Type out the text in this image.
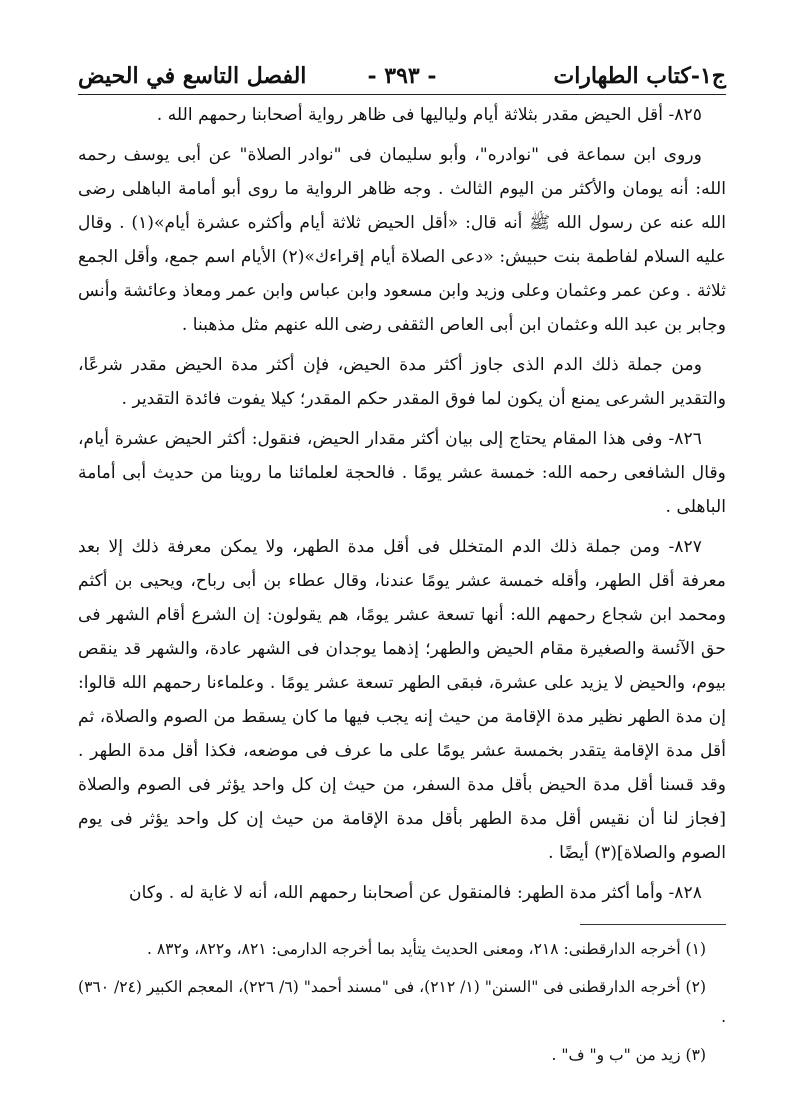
ج١-كتاب الطهارات
- ٣٩٣ -
الفصل التاسع في الحيض

٨٢٥- أقل الحيض مقدر بثلاثة أيام ولياليها فى ظاهر رواية أصحابنا رحمهم الله .

وروى ابن سماعة فى "نوادره"، وأبو سليمان فى "نوادر الصلاة" عن أبى يوسف رحمه الله: أنه يومان والأكثر من اليوم الثالث . وجه ظاهر الرواية ما روى أبو أمامة الباهلى رضى الله عنه عن رسول الله ﷺ أنه قال: «أقل الحيض ثلاثة أيام وأكثره عشرة أيام»(١) . وقال عليه السلام لفاطمة بنت حبيش: «دعى الصلاة أيام إقراءك»(٢) الأيام اسم جمع، وأقل الجمع ثلاثة . وعن عمر وعثمان وعلى وزيد وابن مسعود وابن عباس وابن عمر ومعاذ وعائشة وأنس وجابر بن عبد الله وعثمان ابن أبى العاص الثقفى رضى الله عنهم مثل مذهبنا .

ومن جملة ذلك الدم الذى جاوز أكثر مدة الحيض، فإن أكثر مدة الحيض مقدر شرعًا، والتقدير الشرعى يمنع أن يكون لما فوق المقدر حكم المقدر؛ كيلا يفوت فائدة التقدير .

٨٢٦- وفى هذا المقام يحتاج إلى بيان أكثر مقدار الحيض، فنقول: أكثر الحيض عشرة أيام، وقال الشافعى رحمه الله: خمسة عشر يومًا . فالحجة لعلمائنا ما روينا من حديث أبى أمامة الباهلى .

٨٢٧- ومن جملة ذلك الدم المتخلل فى أقل مدة الطهر، ولا يمكن معرفة ذلك إلا بعد معرفة أقل الطهر، وأقله خمسة عشر يومًا عندنا، وقال عطاء بن أبى رباح، ويحيى بن أكثم ومحمد ابن شجاع رحمهم الله: أنها تسعة عشر يومًا، هم يقولون: إن الشرع أقام الشهر فى حق الآئسة والصغيرة مقام الحيض والطهر؛ إذهما يوجدان فى الشهر عادة، والشهر قد ينقص بيوم، والحيض لا يزيد على عشرة، فبقى الطهر تسعة عشر يومًا . وعلماءنا رحمهم الله قالوا: إن مدة الطهر نظير مدة الإقامة من حيث إنه يجب فيها ما كان يسقط من الصوم والصلاة، ثم أقل مدة الإقامة يتقدر بخمسة عشر يومًا على ما عرف فى موضعه، فكذا أقل مدة الطهر . وقد قسنا أقل مدة الحيض بأقل مدة السفر، من حيث إن كل واحد يؤثر فى الصوم والصلاة [فجاز لنا أن نقيس أقل مدة الطهر بأقل مدة الإقامة من حيث إن كل واحد يؤثر فى يوم الصوم والصلاة](٣) أيضًا .

٨٢٨- وأما أكثر مدة الطهر: فالمنقول عن أصحابنا رحمهم الله، أنه لا غاية له . وكان

(١) أخرجه الدارقطنى: ٢١٨، ومعنى الحديث يتأيد بما أخرجه الدارمى: ٨٢١، و٨٢٢، و٨٣٢ .

(٢) أخرجه الدارقطنى فى "السنن" (١/ ٢١٢)، فى "مسند أحمد" (٦/ ٢٢٦)، المعجم الكبير (٢٤/ ٣٦٠) .

(٣) زيد من "ب و" ف" .
